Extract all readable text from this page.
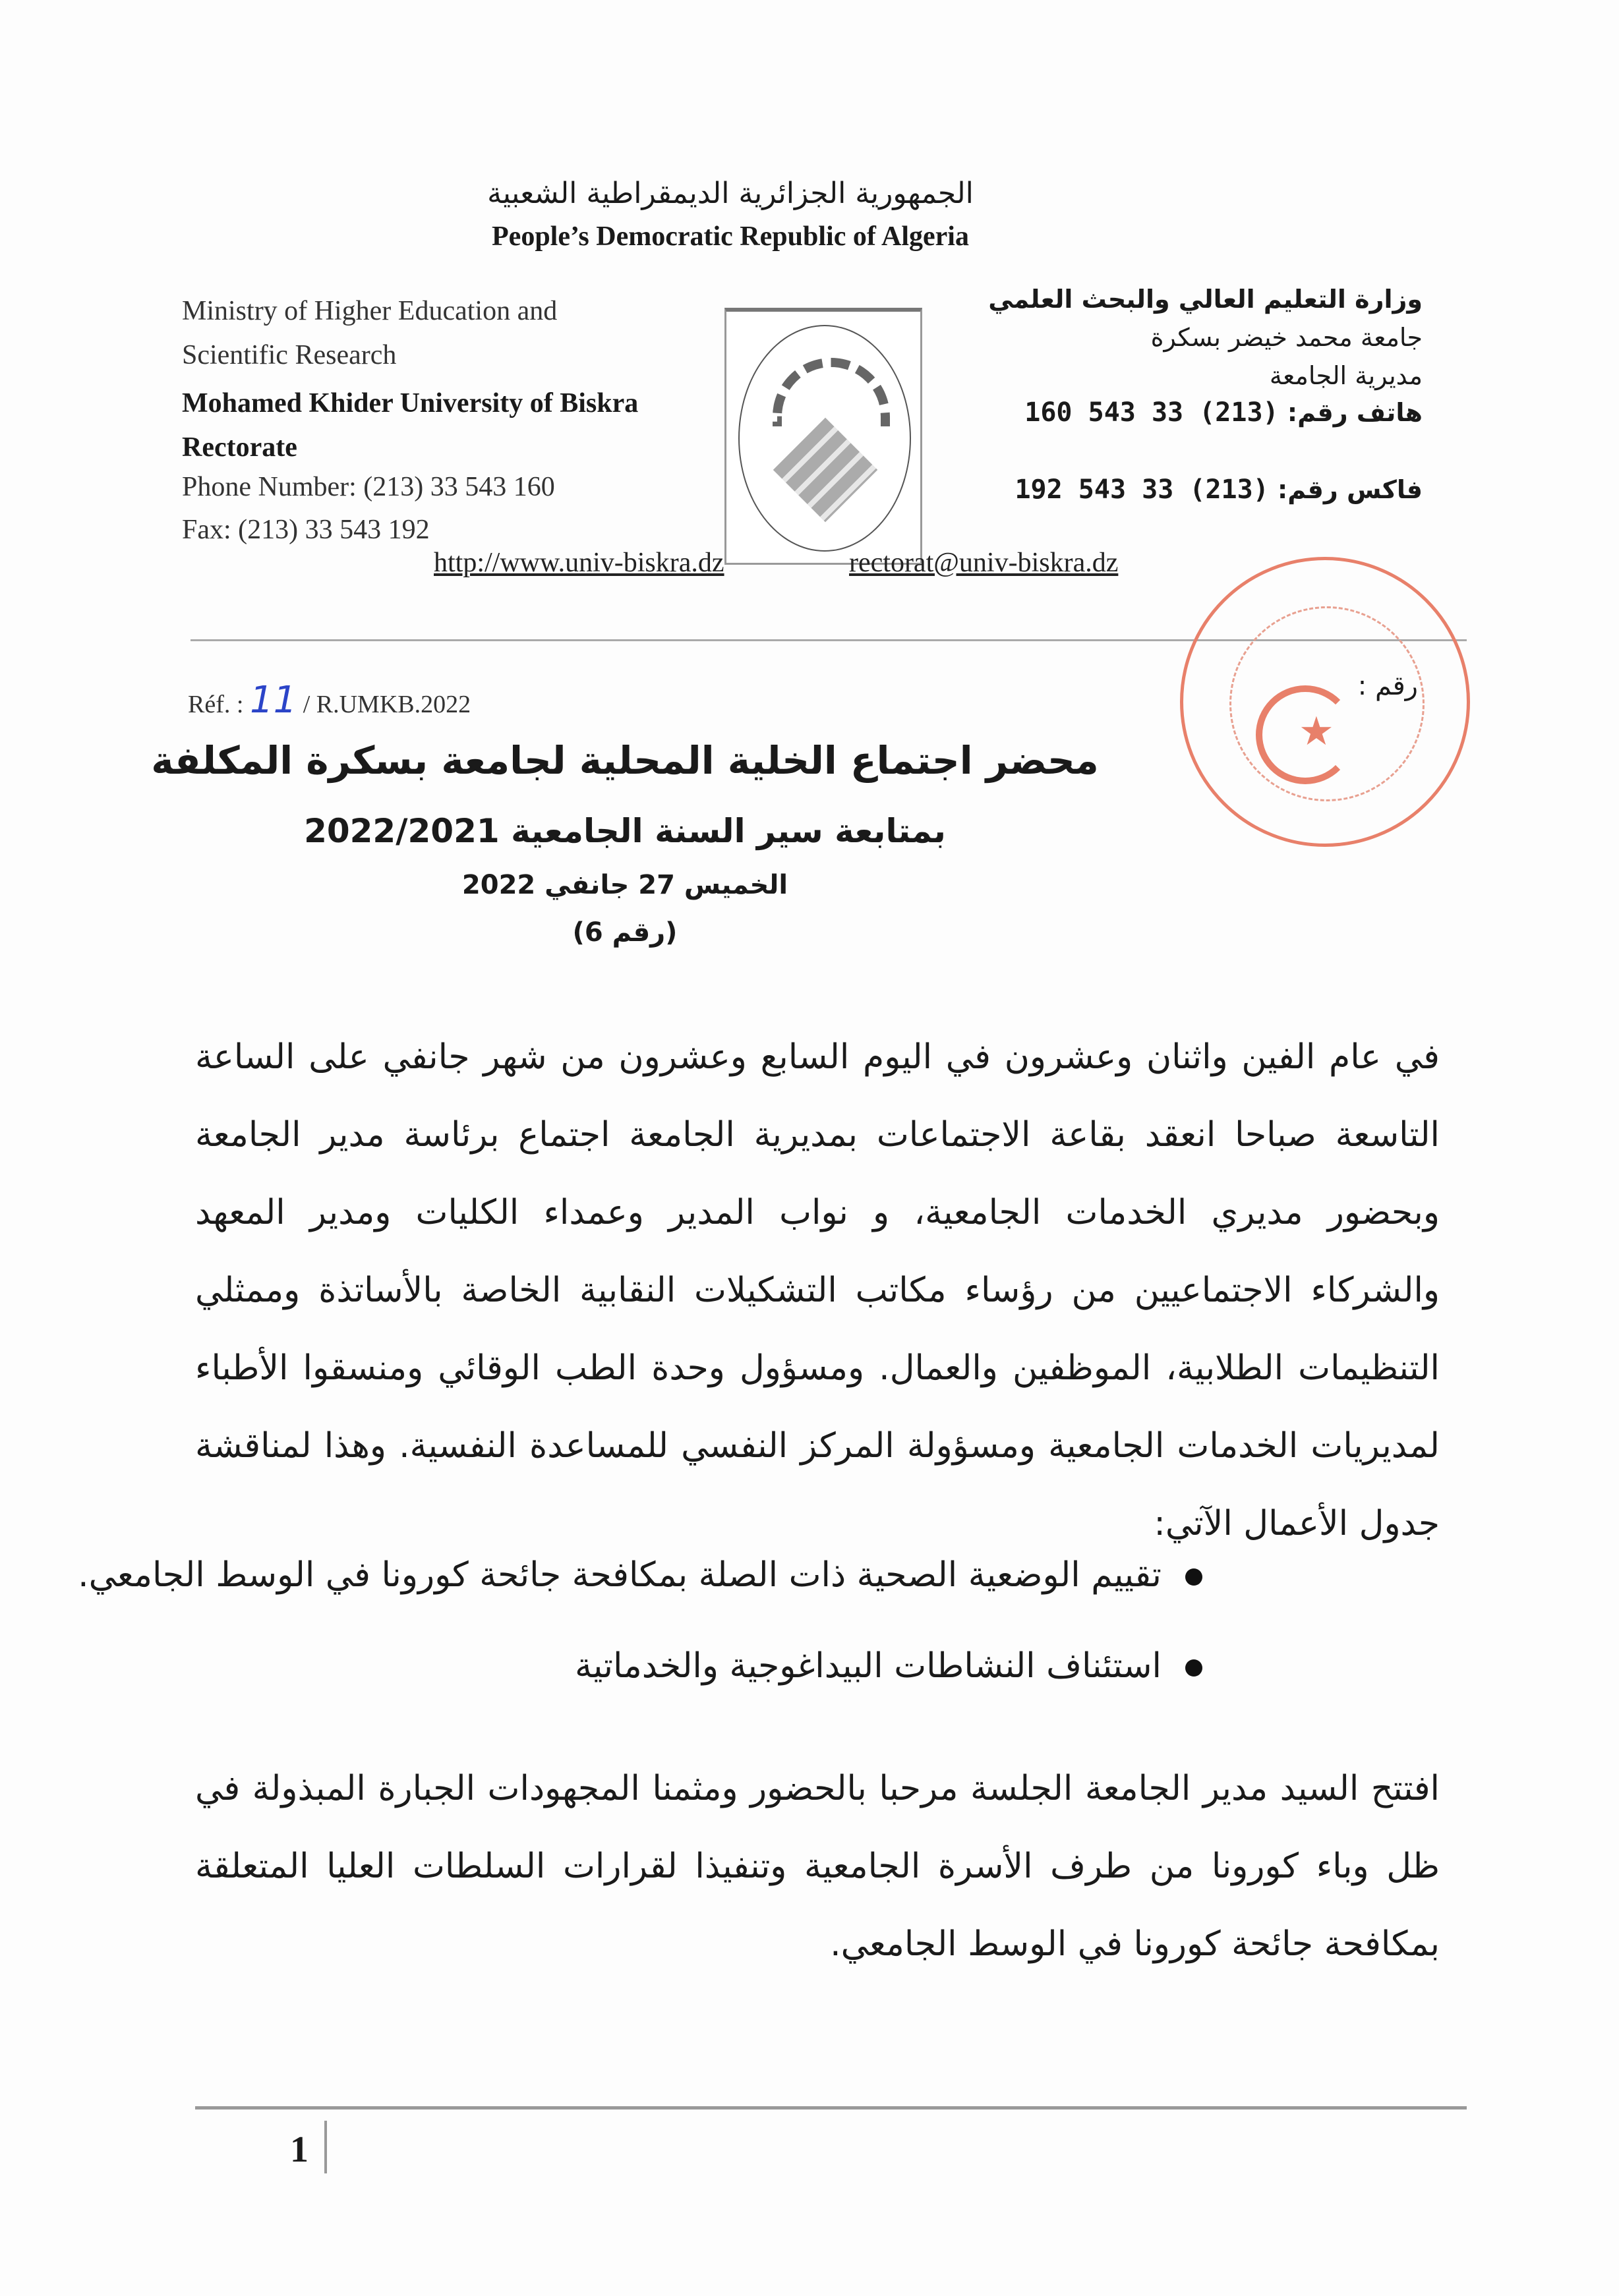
الجمهورية الجزائرية الديمقراطية الشعبية
People’s Democratic Republic of Algeria
Ministry of Higher Education and
Scientific Research
Mohamed Khider University of Biskra
Rectorate
Phone Number: (213) 33 543 160
Fax: (213) 33 543 192
وزارة التعليم العالي والبحث العلمي
جامعة محمد خيضر بسكرة
مديرية الجامعة
هاتف رقم: (213) 33 543 160
فاكس رقم: (213) 33 543 192
http://www.univ-biskra.dz	rectorat@univ-biskra.dz
★
Réf. : 11 / R.UMKB.2022
رقم :
محضر اجتماع الخلية المحلية لجامعة بسكرة المكلفة
بمتابعة سير السنة الجامعية 2022/2021
الخميس 27 جانفي 2022
(رقم 6)
في عام الفين واثنان وعشرون في اليوم السابع وعشرون من شهر جانفي على الساعة التاسعة صباحا انعقد بقاعة الاجتماعات بمديرية الجامعة اجتماع برئاسة مدير الجامعة وبحضور مديري الخدمات الجامعية، و نواب المدير وعمداء الكليات ومدير المعهد والشركاء الاجتماعيين من رؤساء مكاتب التشكيلات النقابية الخاصة بالأساتذة وممثلي التنظيمات الطلابية، الموظفين والعمال. ومسؤول وحدة الطب الوقائي ومنسقوا الأطباء لمديريات الخدمات الجامعية ومسؤولة المركز النفسي للمساعدة النفسية. وهذا لمناقشة جدول الأعمال الآتي:
تقييم الوضعية الصحية ذات الصلة بمكافحة جائحة كورونا في الوسط الجامعي.
استئناف النشاطات البيداغوجية والخدماتية
افتتح السيد مدير الجامعة الجلسة مرحبا بالحضور ومثمنا المجهودات الجبارة المبذولة في ظل وباء كورونا من طرف الأسرة الجامعية وتنفيذا لقرارات السلطات العليا المتعلقة بمكافحة جائحة كورونا في الوسط الجامعي.
1
